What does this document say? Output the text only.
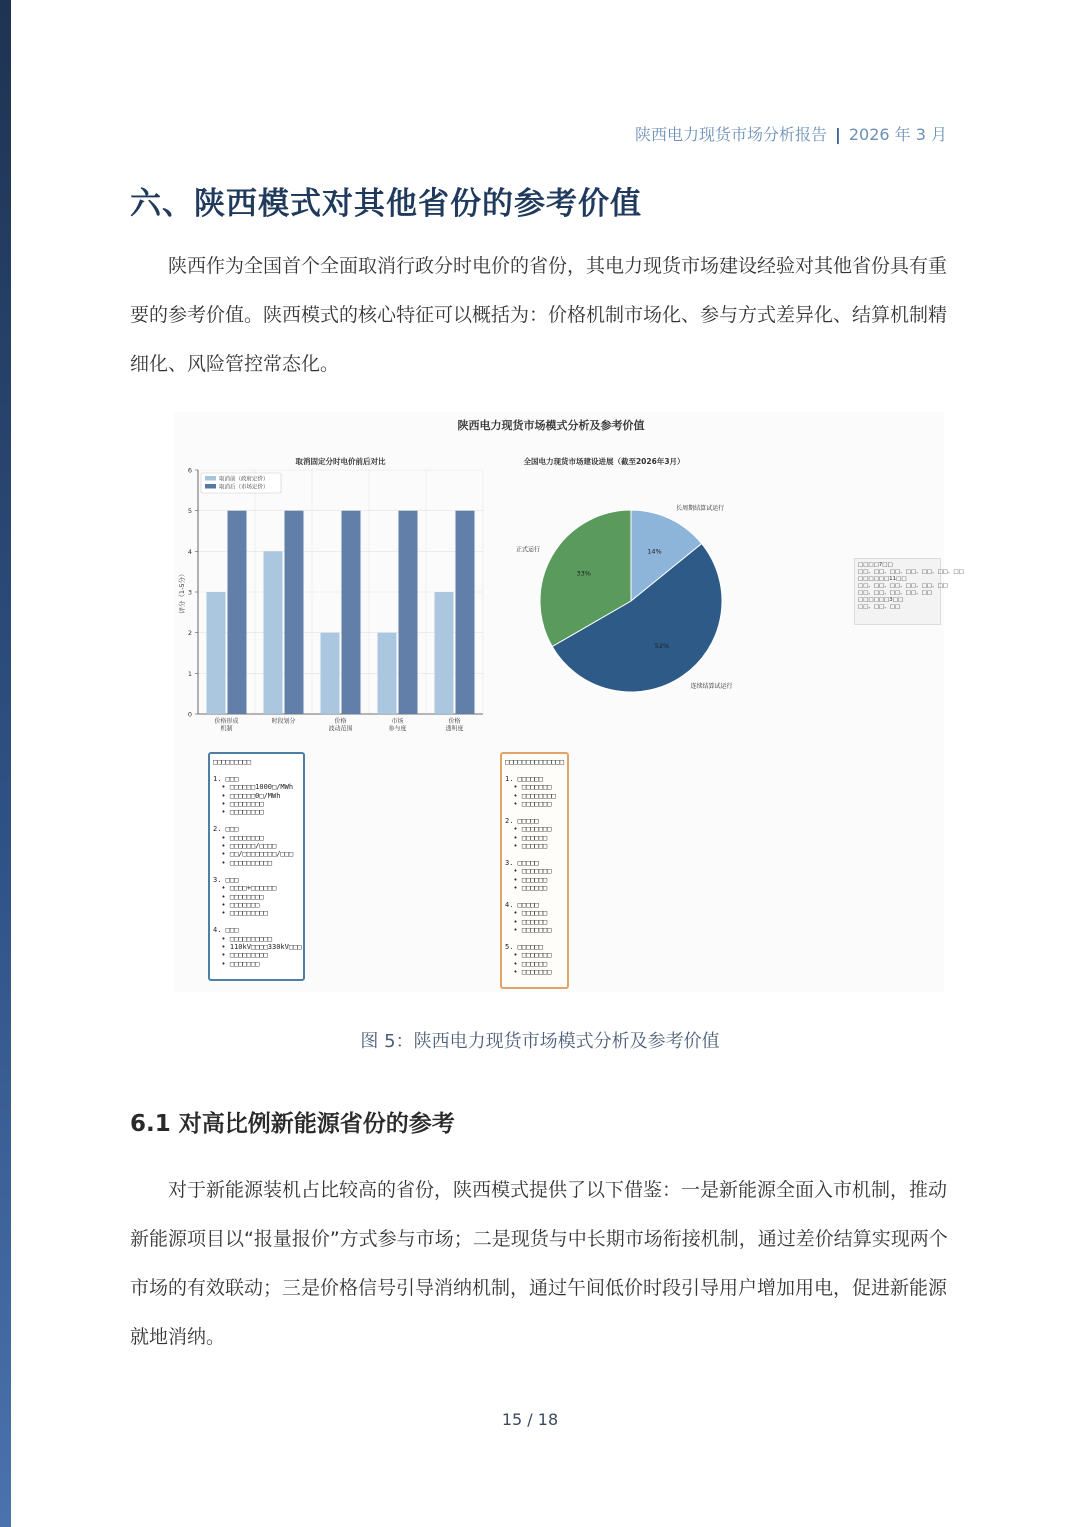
陕西电力现货市场分析报告 | 2026 年 3 月
六、陕西模式对其他省份的参考价值

陕西作为全国首个全面取消行政分时电价的省份，其电力现货市场建设经验对其他省份具有重要的参考价值。陕西模式的核心特征可以概括为：价格机制市场化、参与方式差异化、结算机制精细化、风险管控常态化。

陕西电力现货市场模式分析及参考价值
取消固定分时电价前后对比
0
1
2
3
4
5
6
评分（1-5分）
价格形成
机制
时段划分	价格
波动范围
市场
参与度
价格
透明度
取消前（政府定价）
取消后（市场定价）
全国电力现货市场建设进展（截至2026年3月）
14%
长周期结算试运行
52%
连续结算试运行
33%
正式运行
□□□□7□□
□□、□□、□□、□□、□□、□□、□□
□□□□□□11□□
□□、□□、□□、□□、□□、□□
□□、□□、□□、□□、□□
□□□□□□3□□
□□、□□、□□
□□□□□□□□□

1. □□□
• □□□□□□1000□/MWh
• □□□□□□0□/MWh
• □□□□□□□□
• □□□□□□□□

2. □□□
• □□□□□□□□
• □□□□□□/□□□□
• □□/□□□□□□□□/□□□
• □□□□□□□□□□

3. □□□
• □□□□+□□□□□□
• □□□□□□□□
• □□□□□□□
• □□□□□□□□□

4. □□□
• □□□□□□□□□□
• 110kV□□□□330kV□□□
• □□□□□□□□□
• □□□□□□□
□□□□□□□□□□□□□□

1. □□□□□□
• □□□□□□□
• □□□□□□□□
• □□□□□□□

2. □□□□□
• □□□□□□□
• □□□□□□
• □□□□□□

3. □□□□□
• □□□□□□□
• □□□□□□
• □□□□□□

4. □□□□□
• □□□□□□
• □□□□□□
• □□□□□□□

5. □□□□□□
• □□□□□□□
• □□□□□□
• □□□□□□□
图 5：陕西电力现货市场模式分析及参考价值
6.1 对高比例新能源省份的参考

对于新能源装机占比较高的省份，陕西模式提供了以下借鉴：一是新能源全面入市机制，推动新能源项目以“报量报价”方式参与市场；二是现货与中长期市场衔接机制，通过差价结算实现两个市场的有效联动；三是价格信号引导消纳机制，通过午间低价时段引导用户增加用电，促进新能源就地消纳。

15 / 18
